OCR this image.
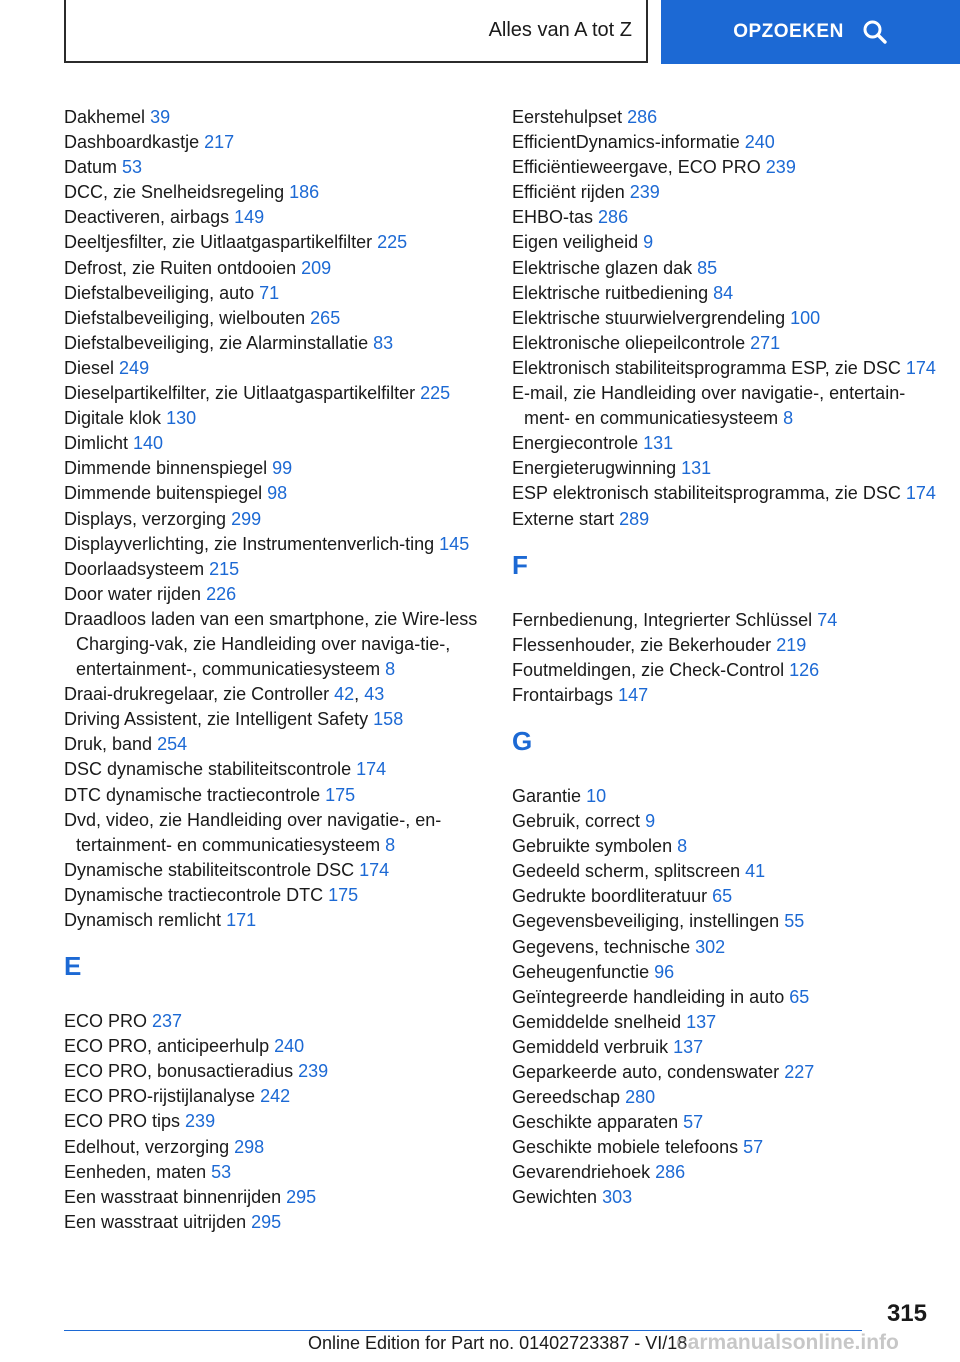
Alles van A tot Z	OPZOEKEN
Dakhemel 39
Dashboardkastje 217
Datum 53
DCC, zie Snelheidsregeling 186
Deactiveren, airbags 149
Deeltjesfilter, zie Uitlaatgaspartikelfilter 225
Defrost, zie Ruiten ontdooien 209
Diefstalbeveiliging, auto 71
Diefstalbeveiliging, wielbouten 265
Diefstalbeveiliging, zie Alarminstallatie 83
Diesel 249
Dieselpartikelfilter, zie Uitlaatgaspartikelfilter 225
Digitale klok 130
Dimlicht 140
Dimmende binnenspiegel 99
Dimmende buitenspiegel 98
Displays, verzorging 299
Displayverlichting, zie Instrumentenverlich-ting 145
Doorlaadsysteem 215
Door water rijden 226
Draadloos laden van een smartphone, zie Wire-less Charging-vak, zie Handleiding over naviga-tie-, entertainment-, communicatiesysteem 8
Draai-drukregelaar, zie Controller 42, 43
Driving Assistent, zie Intelligent Safety 158
Druk, band 254
DSC dynamische stabiliteitscontrole 174
DTC dynamische tractiecontrole 175
Dvd, video, zie Handleiding over navigatie-, en-tertainment- en communicatiesysteem 8
Dynamische stabiliteitscontrole DSC 174
Dynamische tractiecontrole DTC 175
Dynamisch remlicht 171
E
ECO PRO 237
ECO PRO, anticipeerhulp 240
ECO PRO, bonusactieradius 239
ECO PRO-rijstijlanalyse 242
ECO PRO tips 239
Edelhout, verzorging 298
Eenheden, maten 53
Een wasstraat binnenrijden 295
Een wasstraat uitrijden 295
Eerstehulpset 286
EfficientDynamics-informatie 240
Efficiëntieweergave, ECO PRO 239
Efficiënt rijden 239
EHBO-tas 286
Eigen veiligheid 9
Elektrische glazen dak 85
Elektrische ruitbediening 84
Elektrische stuurwielvergrendeling 100
Elektronische oliepeilcontrole 271
Elektronisch stabiliteitsprogramma ESP, zie DSC 174
E-mail, zie Handleiding over navigatie-, entertain-ment- en communicatiesysteem 8
Energiecontrole 131
Energieterugwinning 131
ESP elektronisch stabiliteitsprogramma, zie DSC 174
Externe start 289
F
Fernbedienung, Integrierter Schlüssel 74
Flessenhouder, zie Bekerhouder 219
Foutmeldingen, zie Check-Control 126
Frontairbags 147
G
Garantie 10
Gebruik, correct 9
Gebruikte symbolen 8
Gedeeld scherm, splitscreen 41
Gedrukte boordliteratuur 65
Gegevensbeveiliging, instellingen 55
Gegevens, technische 302
Geheugenfunctie 96
Geïntegreerde handleiding in auto 65
Gemiddelde snelheid 137
Gemiddeld verbruik 137
Geparkeerde auto, condenswater 227
Gereedschap 280
Geschikte apparaten 57
Geschikte mobiele telefoons 57
Gevarendriehoek 286
Gewichten 303
315
Online Edition for Part no. 01402723387 - VI/18
carmanualsonline.info
